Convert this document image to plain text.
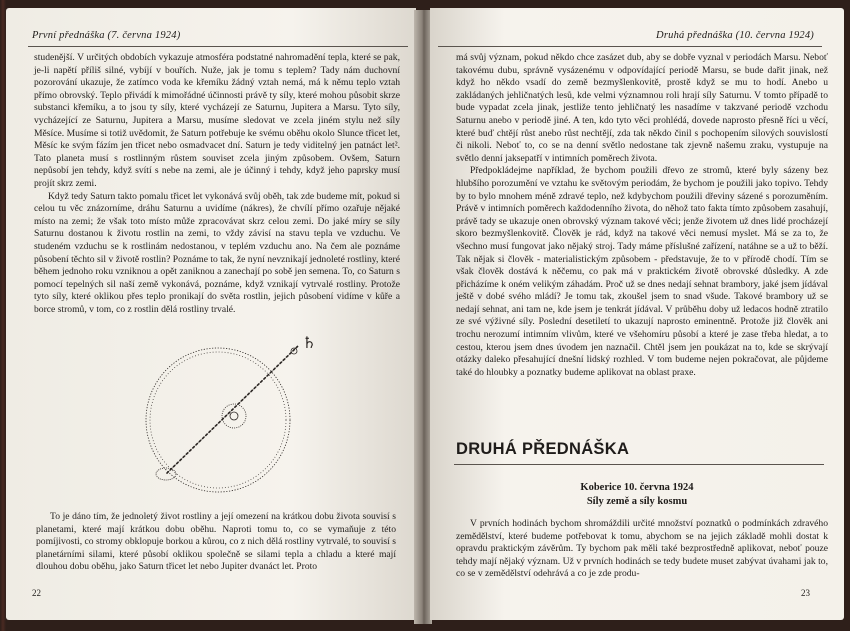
První přednáška (7. června 1924)

studenější. V určitých obdobích vykazuje atmosféra podstatné nahromadění tepla, které se pak, je-li napětí příliš silné, vybíjí v bouřích. Nuže, jak je tomu s teplem? Tady nám duchovní pozorování ukazuje, že zatímco voda ke křemíku žádný vztah nemá, má k němu teplo vztah přímo obrovský. Teplo přivádí k mimořádné účinnosti právě ty síly, které mohou působit skrze substanci křemíku, a to jsou ty síly, které vycházejí ze Saturnu, Jupitera a Marsu. Tyto síly, vycházející ze Saturnu, Jupitera a Marsu, musíme sledovat ve zcela jiném stylu než síly Měsíce. Musíme si totiž uvědomit, že Saturn potřebuje ke svému oběhu okolo Slunce třicet let, Měsíc ke svým fázím jen třicet nebo osmadvacet dní. Saturn je tedy viditelný jen patnáct let². Tato planeta musí s rostlinným růstem souviset zcela jiným způsobem. Ovšem, Saturn nepůsobí jen tehdy, když svítí s nebe na zemi, ale je účinný i tehdy, když jeho paprsky musí projít skrz zemi.

Když tedy Saturn takto pomalu třicet let vykonává svůj oběh, tak zde budeme mít, pokud si celou tu věc znázorníme, dráhu Saturnu a uvidíme (nákres), že chvílí přímo ozařuje nějaké místo na zemi; že však toto místo může zpracovávat skrz celou zemi. Do jaké míry se síly Saturnu dostanou k životu rostlin na zemi, to vždy závisí na stavu tepla ve vzduchu. Ve studeném vzduchu se k rostlinám nedostanou, v teplém vzduchu ano. Na čem ale poznáme působení těchto sil v životě rostlin? Poznáme to tak, že nyní nevznikají jednoleté rostliny, které během jednoho roku vzniknou a opět zaniknou a zanechají po sobě jen semena. To, co Saturn s pomocí tepelných sil naší země vykonává, poznáme, když vznikají vytrvalé rostliny. Protože tyto síly, které oklikou přes teplo pronikají do světa rostlin, jejich působení vidíme v kůře a borce stromů, v tom, co z rostlin dělá rostliny trvalé.

♄

To je dáno tím, že jednoletý život rostliny a její omezení na krátkou dobu života souvisí s planetami, které mají krátkou dobu oběhu. Naproti tomu to, co se vymaňuje z této pomíjivosti, co stromy obklopuje borkou a kůrou, co z nich dělá rostliny vytrvalé, to souvisí s planetárními silami, které působí oklikou společně se silami tepla a chladu a které mají dlouhou dobu oběhu, jako Saturn třicet let nebo Jupiter dvanáct let. Proto

22
Druhá přednáška (10. června 1924)

má svůj význam, pokud někdo chce zasázet dub, aby se dobře vyznal v periodách Marsu. Neboť takovému dubu, správně vysázenému v odpovídající periodě Marsu, se bude dařit jinak, než když ho někdo vsadí do země bezmyšlenkovitě, prostě když se mu to hodí. Anebo u zakládaných jehličnatých lesů, kde velmi významnou roli hrají síly Saturnu. V tomto případě to bude vypadat zcela jinak, jestliže tento jehličnatý les nasadíme v takzvané periodě vzchodu Saturnu anebo v periodě jiné. A ten, kdo tyto věci prohlédá, dovede naprosto přesně říci u věcí, které buď chtějí růst anebo růst nechtějí, zda tak někdo činil s pochopením silových souvislostí či nikoli. Neboť to, co se na denní světlo nedostane tak zjevně našemu zraku, vystupuje na světlo denní jaksepatří v intimních poměrech života.

Předpokládejme například, že bychom použili dřevo ze stromů, které byly sázeny bez hlubšího porozumění ve vztahu ke světovým periodám, že bychom je použili jako topivo. Tehdy by to bylo mnohem méně zdravé teplo, než kdybychom použili dřeviny sázené s porozuměním. Právě v intimních poměrech každodenního života, do něhož tato fakta tímto způsobem zasahují, právě tady se ukazuje onen obrovský význam takové věci; jenže životem už dnes lidé procházejí skoro bezmyšlenkovitě. Člověk je rád, když na takové věci nemusí myslet. Má se za to, že všechno musí fungovat jako nějaký stroj. Tady máme příslušné zařízení, natáhne se a už to běží. Tak nějak si člověk - materialistickým způsobem - představuje, že to v přírodě chodí. Tím se však člověk dostává k něčemu, co pak má v praktickém životě obrovské důsledky. A zde přicházíme k oném velikým záhadám. Proč už se dnes nedají sehnat brambory, jaké jsem jídával ještě v dobé svého mládí? Je tomu tak, zkoušel jsem to snad všude. Takové brambory už se nedají sehnat, ani tam ne, kde jsem je tenkrát jídával. V průběhu doby už ledacos hodně ztratilo ze své výživné síly. Poslední desetiletí to ukazují naprosto eminentně. Protože již člověk ani trochu nerozumí intimním vlivům, které ve všehomíru působí a které je zase třeba hledat, a to cestou, kterou jsem dnes úvodem jen naznačil. Chtěl jsem jen poukázat na to, kde se skrývají otázky daleko přesahující dnešní lidský rozhled. V tom budeme nejen pokračovat, ale půjdeme také do hloubky a poznatky budeme aplikovat na oblast praxe.

DRUHÁ PŘEDNÁŠKA
Koberice 10. června 1924
Síly země a síly kosmu

V prvních hodinách bychom shromáždili určité množství poznatků o podmínkách zdravého zemědělství, které budeme potřebovat k tomu, abychom se na jejich základě mohli dostat k opravdu praktickým závěrům. Ty bychom pak měli také bezprostředně aplikovat, neboť pouze tehdy mají nějaký význam. Už v prvních hodinách se tedy budete muset zabývat úvahami jak to, co se v zemědělství odehrává a co je zde produ-

23
